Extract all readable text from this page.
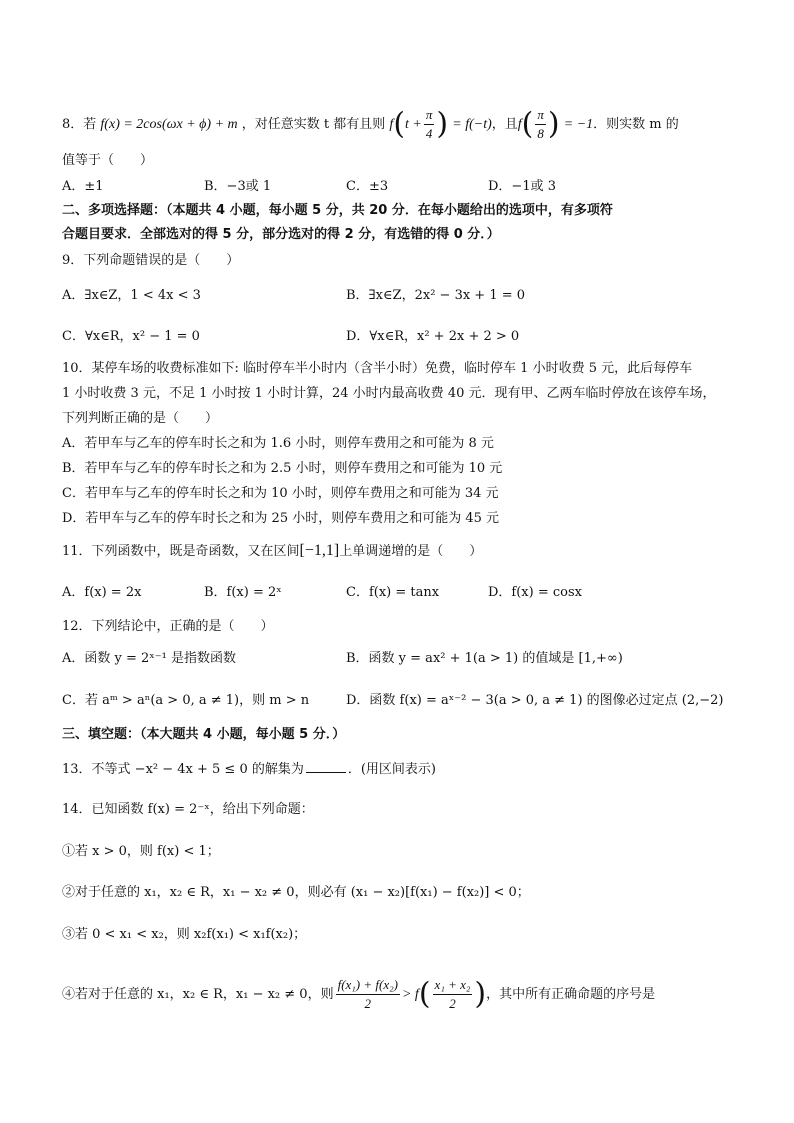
8．若 f(x) = 2cos(ωx + ϕ) + m ，对任意实数 t 都有且则 $f(t + \frac{\pi}{4}$ ) = f(−t)，且$f( \frac{\pi}{8}$ ) = −1．则实数 m 的
值等于（　　）
A．±1	B．−3或 1	C．±3	D．−1或 3
二、多项选择题：（本题共 4 小题，每小题 5 分，共 20 分．在每小题给出的选项中，有多项符
合题目要求．全部选对的得 5 分，部分选对的得 2 分，有选错的得 0 分．）
9．下列命题错误的是（　　）
A．∃x∈Z，1 < 4x < 3	B．∃x∈Z，2x² − 3x + 1 = 0
C．∀x∈R，x² − 1 = 0	D．∀x∈R，x² + 2x + 2 > 0
10．某停车场的收费标准如下: 临时停车半小时内（含半小时）免费，临时停车 1 小时收费 5 元，此后每停车
1 小时收费 3 元，不足 1 小时按 1 小时计算，24 小时内最高收费 40 元．现有甲、乙两车临时停放在该停车场，
下列判断正确的是（　　）
A．若甲车与乙车的停车时长之和为 1.6 小时，则停车费用之和可能为 8 元
B．若甲车与乙车的停车时长之和为 2.5 小时，则停车费用之和可能为 10 元
C．若甲车与乙车的停车时长之和为 10 小时，则停车费用之和可能为 34 元
D．若甲车与乙车的停车时长之和为 25 小时，则停车费用之和可能为 45 元
11．下列函数中，既是奇函数，又在区间[−1,1]上单调递增的是（　　）
A．f(x) = 2x	B．f(x) = 2ˣ	C．f(x) = tanx	D．f(x) = cosx
12．下列结论中，正确的是（　　）
A．函数 y = 2ˣ⁻¹ 是指数函数	B．函数 y = ax² + 1(a > 1) 的值域是 [1,+∞)
C．若 aᵐ > aⁿ(a > 0, a ≠ 1)，则 m > n	D．函数 f(x) = aˣ⁻² − 3(a > 0, a ≠ 1) 的图像必过定点 (2,−2)
三、填空题：（本大题共 4 小题，每小题 5 分．）
13．不等式 −x² − 4x + 5 ≤ 0 的解集为	．(用区间表示)
14．已知函数 f(x) = 2⁻ˣ，给出下列命题：
①若 x > 0，则 f(x) < 1；
②对于任意的 x₁，x₂ ∈ R，x₁ − x₂ ≠ 0，则必有 (x₁ − x₂)[f(x₁) − f(x₂)] < 0；
③若 0 < x₁ < x₂，则 x₂f(x₁) < x₁f(x₂)；
④若对于任意的 x₁，x₂ ∈ R，x₁ − x₂ ≠ 0，则 $\frac{\text{f(x₁) + f(x₂)}}{2} > f( \frac{\text{x₁ + x₂}}{2}$ )，其中所有正确命题的序号是
